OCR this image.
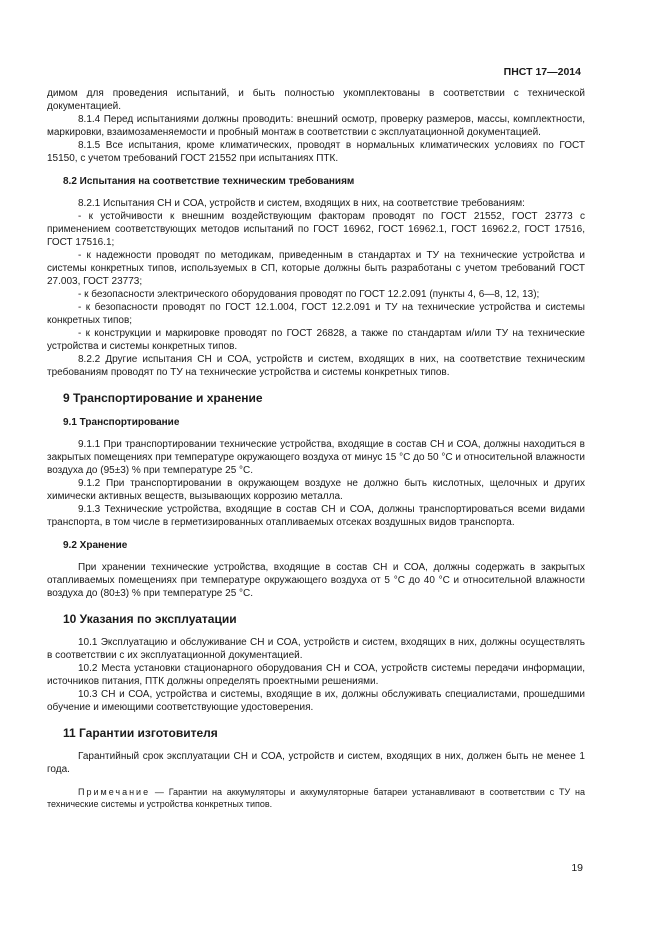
ПНСТ 17—2014

димом для проведения испытаний, и быть полностью укомплектованы в соответствии с технической документацией.

8.1.4 Перед испытаниями должны проводить: внешний осмотр, проверку размеров, массы, комплектности, маркировки, взаимозаменяемости и пробный монтаж в соответствии с эксплуатационной документацией.

8.1.5 Все испытания, кроме климатических, проводят в нормальных климатических условиях по ГОСТ 15150, с учетом требований ГОСТ 21552 при испытаниях ПТК.

8.2 Испытания на соответствие техническим требованиям

8.2.1 Испытания СН и СОА, устройств и систем, входящих в них, на соответствие требованиям:

- к устойчивости к внешним воздействующим факторам проводят по ГОСТ 21552, ГОСТ 23773 с применением соответствующих методов испытаний по ГОСТ 16962, ГОСТ 16962.1, ГОСТ 16962.2, ГОСТ 17516, ГОСТ 17516.1;

- к надежности проводят по методикам, приведенным в стандартах и ТУ на технические устройства и системы конкретных типов, используемых в СП, которые должны быть разработаны с учетом требований ГОСТ 27.003, ГОСТ 23773;

- к безопасности электрического оборудования проводят по ГОСТ 12.2.091 (пункты 4, 6—8, 12, 13);

- к безопасности проводят по ГОСТ 12.1.004, ГОСТ 12.2.091 и ТУ на технические устройства и системы конкретных типов;

- к конструкции и маркировке проводят по ГОСТ 26828, а также по стандартам и/или ТУ на технические устройства и системы конкретных типов.

8.2.2 Другие испытания СН и СОА, устройств и систем, входящих в них, на соответствие техническим требованиям проводят по ТУ на технические устройства и системы конкретных типов.

9 Транспортирование и хранение
9.1 Транспортирование

9.1.1 При транспортировании технические устройства, входящие в состав СН и СОА, должны находиться в закрытых помещениях при температуре окружающего воздуха от минус 15 °С до 50 °С и относительной влажности воздуха до (95±3) % при температуре 25 °С.

9.1.2 При транспортировании в окружающем воздухе не должно быть кислотных, щелочных и других химически активных веществ, вызывающих коррозию металла.

9.1.3 Технические устройства, входящие в состав СН и СОА, должны транспортироваться всеми видами транспорта, в том числе в герметизированных отапливаемых отсеках воздушных видов транспорта.

9.2 Хранение

При хранении технические устройства, входящие в состав СН и СОА, должны содержать в закрытых отапливаемых помещениях при температуре окружающего воздуха от 5 °С до 40 °С и относительной влажности воздуха до (80±3) % при температуре 25 °С.

10 Указания по эксплуатации

10.1 Эксплуатацию и обслуживание СН и СОА, устройств и систем, входящих в них, должны осуществлять в соответствии с их эксплуатационной документацией.

10.2 Места установки стационарного оборудования СН и СОА, устройств системы передачи информации, источников питания, ПТК должны определять проектными решениями.

10.3 СН и СОА, устройства и системы, входящие в их, должны обслуживать специалистами, прошедшими обучение и имеющими соответствующие удостоверения.

11 Гарантии изготовителя

Гарантийный срок эксплуатации СН и СОА, устройств и систем, входящих в них, должен быть не менее 1 года.

Примечание — Гарантии на аккумуляторы и аккумуляторные батареи устанавливают в соответствии с ТУ на технические системы и устройства конкретных типов.
19
